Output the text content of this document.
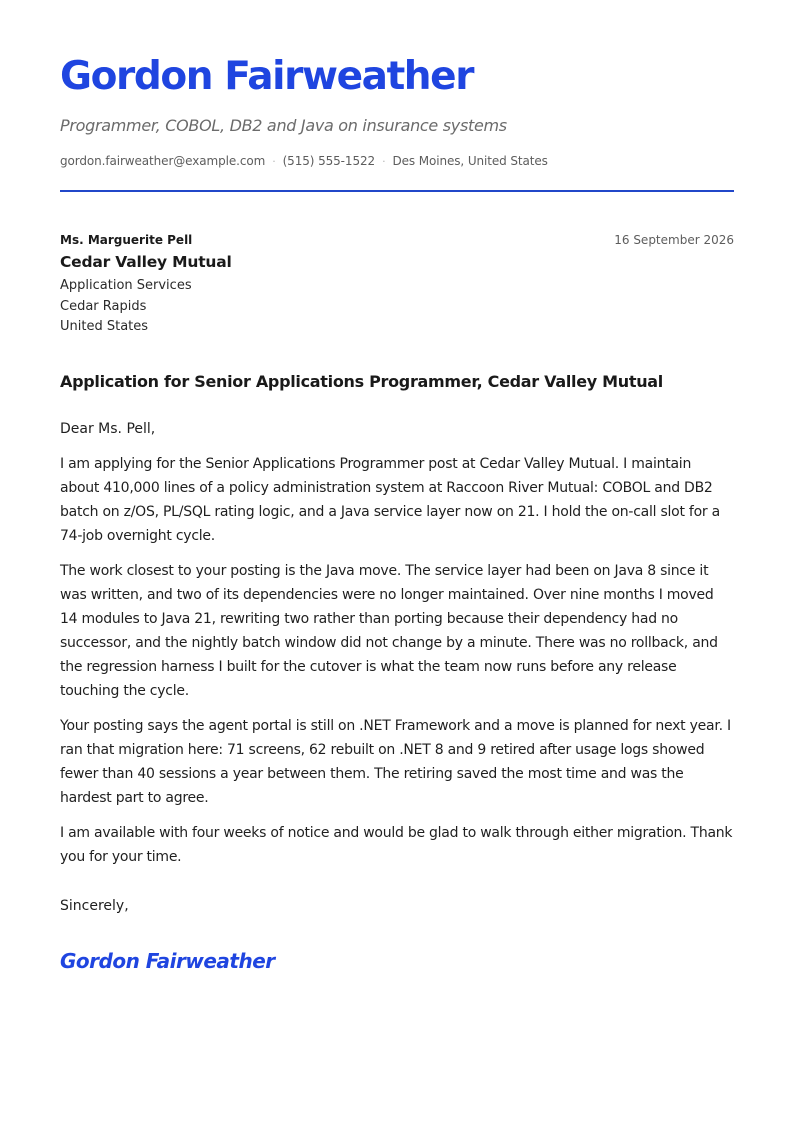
Gordon Fairweather

Programmer, COBOL, DB2 and Java on insurance systems

gordon.fairweather@example.com · (515) 555-1522 · Des Moines, United States
16 September 2026

Ms. Marguerite Pell

Cedar Valley Mutual

Application Services

Cedar Rapids

United States

Application for Senior Applications Programmer, Cedar Valley Mutual

Dear Ms. Pell,

I am applying for the Senior Applications Programmer post at Cedar Valley Mutual. I maintain about 410,000 lines of a policy administration system at Raccoon River Mutual: COBOL and DB2 batch on z/OS, PL/SQL rating logic, and a Java service layer now on 21. I hold the on-call slot for a 74-job overnight cycle.

The work closest to your posting is the Java move. The service layer had been on Java 8 since it was written, and two of its dependencies were no longer maintained. Over nine months I moved 14 modules to Java 21, rewriting two rather than porting because their dependency had no successor, and the nightly batch window did not change by a minute. There was no rollback, and the regression harness I built for the cutover is what the team now runs before any release touching the cycle.

Your posting says the agent portal is still on .NET Framework and a move is planned for next year. I ran that migration here: 71 screens, 62 rebuilt on .NET 8 and 9 retired after usage logs showed fewer than 40 sessions a year between them. The retiring saved the most time and was the hardest part to agree.

I am available with four weeks of notice and would be glad to walk through either migration. Thank you for your time.

Sincerely,

Gordon Fairweather
